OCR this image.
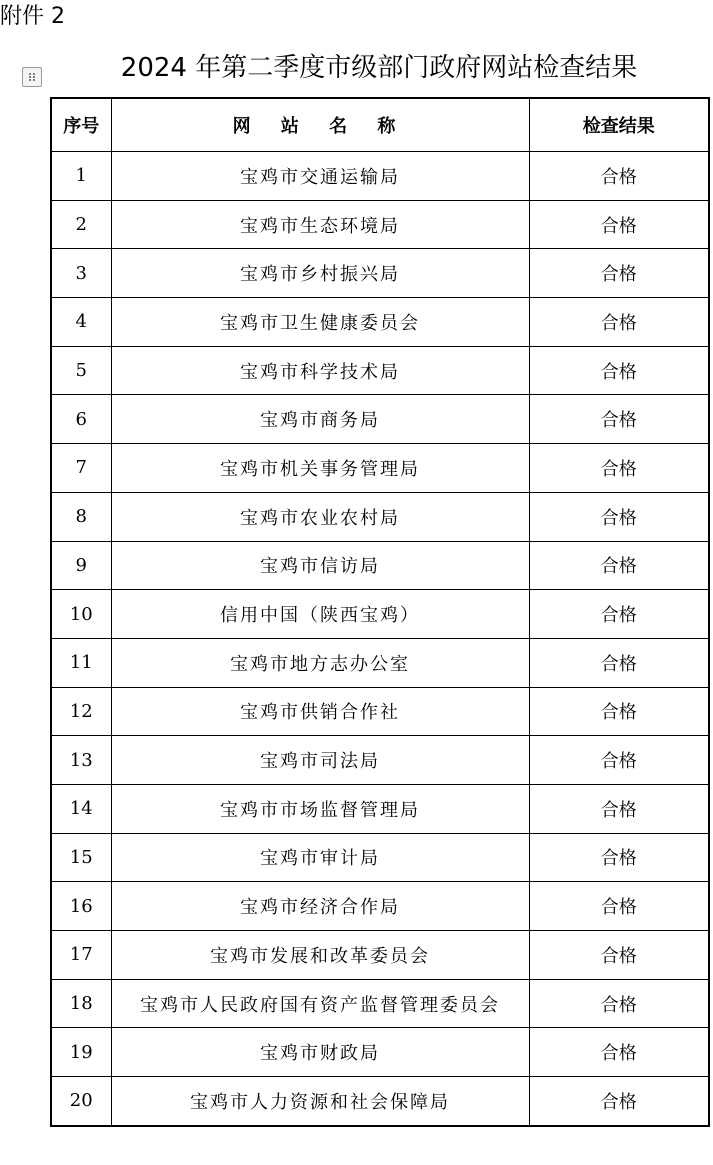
附件 2
2024 年第二季度市级部门政府网站检查结果
序号	网 站 名 称	检查结果
1	宝鸡市交通运输局	合格
2	宝鸡市生态环境局	合格
3	宝鸡市乡村振兴局	合格
4	宝鸡市卫生健康委员会	合格
5	宝鸡市科学技术局	合格
6	宝鸡市商务局	合格
7	宝鸡市机关事务管理局	合格
8	宝鸡市农业农村局	合格
9	宝鸡市信访局	合格
10	信用中国（陕西宝鸡）	合格
11	宝鸡市地方志办公室	合格
12	宝鸡市供销合作社	合格
13	宝鸡市司法局	合格
14	宝鸡市市场监督管理局	合格
15	宝鸡市审计局	合格
16	宝鸡市经济合作局	合格
17	宝鸡市发展和改革委员会	合格
18	宝鸡市人民政府国有资产监督管理委员会	合格
19	宝鸡市财政局	合格
20	宝鸡市人力资源和社会保障局	合格
